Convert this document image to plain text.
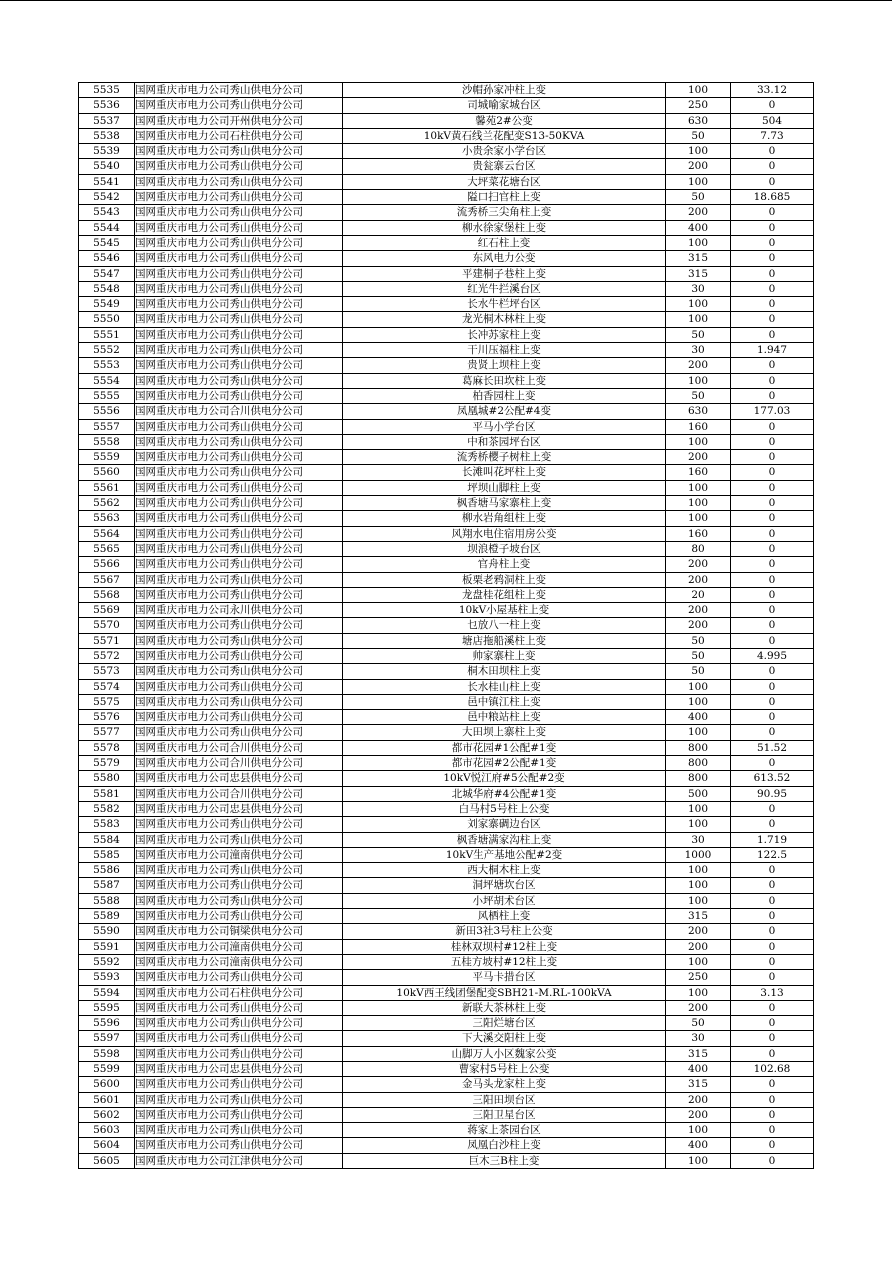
5535	国网重庆市电力公司秀山供电分公司	沙帽孙家冲柱上变	100	33.12
5536	国网重庆市电力公司秀山供电分公司	司城喻家城台区	250	0
5537	国网重庆市电力公司开州供电分公司	馨苑2#公变	630	504
5538	国网重庆市电力公司石柱供电分公司	10kV黄石线兰花配变S13-50KVA	50	7.73
5539	国网重庆市电力公司秀山供电分公司	小贵余家小学台区	100	0
5540	国网重庆市电力公司秀山供电分公司	贵瓮寨云台区	200	0
5541	国网重庆市电力公司秀山供电分公司	大坪菜花塘台区	100	0
5542	国网重庆市电力公司秀山供电分公司	隘口扫官柱上变	50	18.685
5543	国网重庆市电力公司秀山供电分公司	流秀桥三尖角柱上变	200	0
5544	国网重庆市电力公司秀山供电分公司	柳水徐家堡柱上变	400	0
5545	国网重庆市电力公司秀山供电分公司	红石柱上变	100	0
5546	国网重庆市电力公司秀山供电分公司	东风电力公变	315	0
5547	国网重庆市电力公司秀山供电分公司	平建桐子巷柱上变	315	0
5548	国网重庆市电力公司秀山供电分公司	红光牛拦溪台区	30	0
5549	国网重庆市电力公司秀山供电分公司	长水牛栏坪台区	100	0
5550	国网重庆市电力公司秀山供电分公司	龙光桐木林柱上变	100	0
5551	国网重庆市电力公司秀山供电分公司	长冲苏家柱上变	50	0
5552	国网重庆市电力公司秀山供电分公司	干川压福柱上变	30	1.947
5553	国网重庆市电力公司秀山供电分公司	贵贤上坝柱上变	200	0
5554	国网重庆市电力公司秀山供电分公司	葛麻长田坎柱上变	100	0
5555	国网重庆市电力公司秀山供电分公司	柏香园柱上变	50	0
5556	国网重庆市电力公司合川供电分公司	凤凰城#2公配#4变	630	177.03
5557	国网重庆市电力公司秀山供电分公司	平马小学台区	160	0
5558	国网重庆市电力公司秀山供电分公司	中和茶园坪台区	100	0
5559	国网重庆市电力公司秀山供电分公司	流秀桥樱子树柱上变	200	0
5560	国网重庆市电力公司秀山供电分公司	长滩叫花坪柱上变	160	0
5561	国网重庆市电力公司秀山供电分公司	坪坝山脚柱上变	100	0
5562	国网重庆市电力公司秀山供电分公司	枫香塘马家寨柱上变	100	0
5563	国网重庆市电力公司秀山供电分公司	柳水岩角组柱上变	100	0
5564	国网重庆市电力公司秀山供电分公司	风翔水电住宿用房公变	160	0
5565	国网重庆市电力公司秀山供电分公司	坝浪橙子坡台区	80	0
5566	国网重庆市电力公司秀山供电分公司	官舟柱上变	200	0
5567	国网重庆市电力公司秀山供电分公司	板栗老鸦洞柱上变	200	0
5568	国网重庆市电力公司秀山供电分公司	龙盘桂花组柱上变	20	0
5569	国网重庆市电力公司永川供电分公司	10kV小屋基柱上变	200	0
5570	国网重庆市电力公司秀山供电分公司	乜放八一柱上变	200	0
5571	国网重庆市电力公司秀山供电分公司	塘店拖船溪柱上变	50	0
5572	国网重庆市电力公司秀山供电分公司	帅家寨柱上变	50	4.995
5573	国网重庆市电力公司秀山供电分公司	桐木田坝柱上变	50	0
5574	国网重庆市电力公司秀山供电分公司	长水桂山柱上变	100	0
5575	国网重庆市电力公司秀山供电分公司	邑中镇江柱上变	100	0
5576	国网重庆市电力公司秀山供电分公司	邑中粮站柱上变	400	0
5577	国网重庆市电力公司秀山供电分公司	大田坝上寨柱上变	100	0
5578	国网重庆市电力公司合川供电分公司	都市花园#1公配#1变	800	51.52
5579	国网重庆市电力公司合川供电分公司	都市花园#2公配#1变	800	0
5580	国网重庆市电力公司忠县供电分公司	10kV悦江府#5公配#2变	800	613.52
5581	国网重庆市电力公司合川供电分公司	北城华府#4公配#1变	500	90.95
5582	国网重庆市电力公司忠县供电分公司	白马村5号柱上公变	100	0
5583	国网重庆市电力公司秀山供电分公司	刘家寨碉边台区	100	0
5584	国网重庆市电力公司秀山供电分公司	枫香塘满家沟柱上变	30	1.719
5585	国网重庆市电力公司潼南供电分公司	10kV生产基地公配#2变	1000	122.5
5586	国网重庆市电力公司秀山供电分公司	西大桐木柱上变	100	0
5587	国网重庆市电力公司秀山供电分公司	洞坪塘坎台区	100	0
5588	国网重庆市电力公司秀山供电分公司	小坪胡术台区	100	0
5589	国网重庆市电力公司秀山供电分公司	风栖柱上变	315	0
5590	国网重庆市电力公司铜梁供电分公司	新田3社3号柱上公变	200	0
5591	国网重庆市电力公司潼南供电分公司	桂林双坝村#12柱上变	200	0
5592	国网重庆市电力公司潼南供电分公司	五桂方坡村#12柱上变	100	0
5593	国网重庆市电力公司秀山供电分公司	平马卡措台区	250	0
5594	国网重庆市电力公司石柱供电分公司	10kV西王线团堡配变SBH21-M.RL-100kVA	100	3.13
5595	国网重庆市电力公司秀山供电分公司	新联大茶林柱上变	200	0
5596	国网重庆市电力公司秀山供电分公司	三阳烂塘台区	50	0
5597	国网重庆市电力公司秀山供电分公司	下大溪交阳柱上变	30	0
5598	国网重庆市电力公司秀山供电分公司	山脚万人小区魏家公变	315	0
5599	国网重庆市电力公司忠县供电分公司	曹家村5号柱上公变	400	102.68
5600	国网重庆市电力公司秀山供电分公司	金马头龙家柱上变	315	0
5601	国网重庆市电力公司秀山供电分公司	三阳田坝台区	200	0
5602	国网重庆市电力公司秀山供电分公司	三阳卫星台区	200	0
5603	国网重庆市电力公司秀山供电分公司	蒋家上茶园台区	100	0
5604	国网重庆市电力公司秀山供电分公司	凤凰白沙柱上变	400	0
5605	国网重庆市电力公司江津供电分公司	巨木三B柱上变	100	0
